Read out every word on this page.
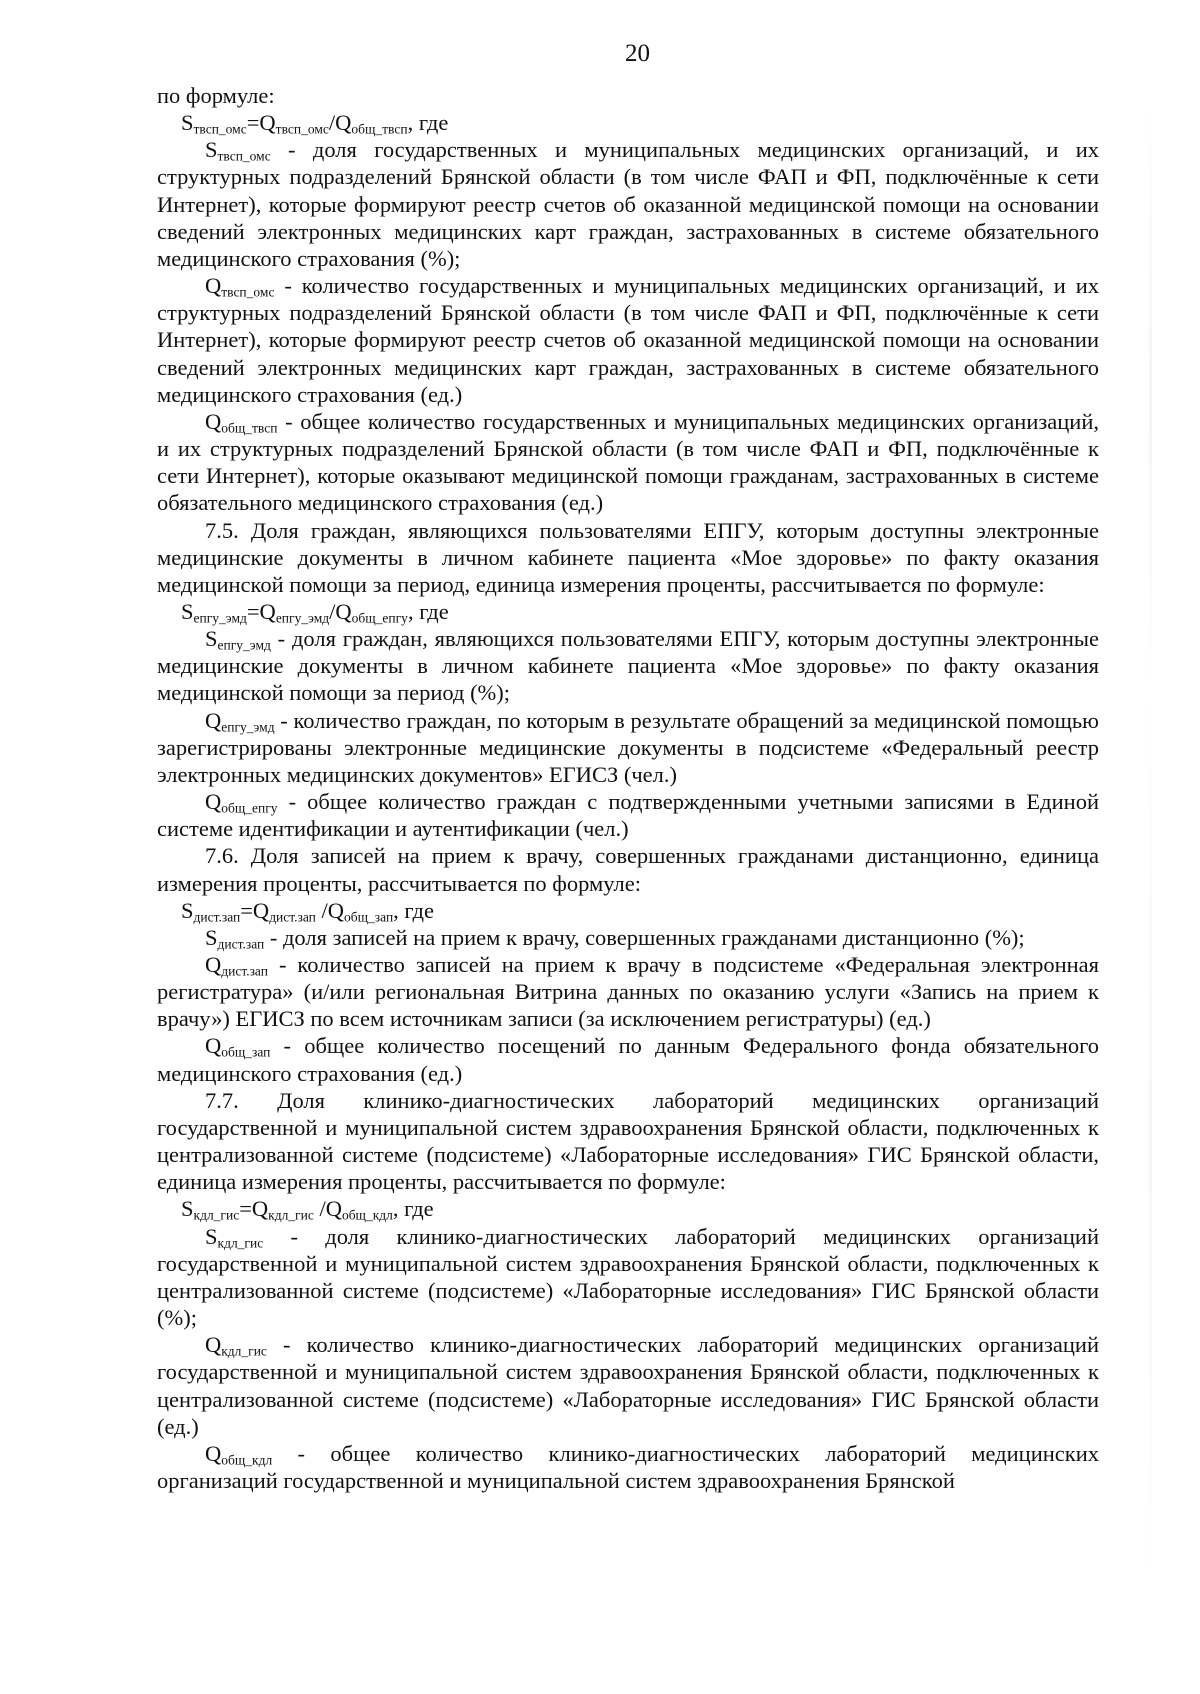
20

по формуле:

$S_{твсп\_омс}=Q_{твсп\_омс}/Q_{общ\_твсп}$, где

$S_{твсп\_омс}$ - доля государственных и муниципальных медицинских организаций, и их структурных подразделений Брянской области (в том числе ФАП и ФП, подключённые к сети Интернет), которые формируют реестр счетов об оказанной медицинской помощи на основании сведений электронных медицинских карт граждан, застрахованных в системе обязательного медицинского страхования (%);

$Q_{твсп\_омс}$ - количество государственных и муниципальных медицинских организаций, и их структурных подразделений Брянской области (в том числе ФАП и ФП, подключённые к сети Интернет), которые формируют реестр счетов об оказанной медицинской помощи на основании сведений электронных медицинских карт граждан, застрахованных в системе обязательного медицинского страхования (ед.)

$Q_{общ\_твсп}$ - общее количество государственных и муниципальных медицинских организаций, и их структурных подразделений Брянской области (в том числе ФАП и ФП, подключённые к сети Интернет), которые оказывают медицинской помощи гражданам, застрахованных в системе обязательного медицинского страхования (ед.)

7.5. Доля граждан, являющихся пользователями ЕПГУ, которым доступны электронные медицинские документы в личном кабинете пациента «Мое здоровье» по факту оказания медицинской помощи за период, единица измерения проценты, рассчитывается по формуле:

$S_{епгу\_эмд}=Q_{епгу\_эмд}/Q_{общ\_епгу}$, где

$S_{епгу\_эмд}$ - доля граждан, являющихся пользователями ЕПГУ, которым доступны электронные медицинские документы в личном кабинете пациента «Мое здоровье» по факту оказания медицинской помощи за период (%);

$Q_{епгу\_эмд}$ - количество граждан, по которым в результате обращений за медицинской помощью зарегистрированы электронные медицинские документы в подсистеме «Федеральный реестр электронных медицинских документов» ЕГИСЗ (чел.)

$Q_{общ\_епгу}$ - общее количество граждан с подтвержденными учетными записями в Единой системе идентификации и аутентификации (чел.)

7.6. Доля записей на прием к врачу, совершенных гражданами дистанционно, единица измерения проценты, рассчитывается по формуле:

$S_{дист.зап}=Q_{дист.зап}$ $/Q_{общ\_зап}$, где

$S_{дист.зап}$ - доля записей на прием к врачу, совершенных гражданами дистанционно (%);

$Q_{дист.зап}$ - количество записей на прием к врачу в подсистеме «Федеральная электронная регистратура» (и/или региональная Витрина данных по оказанию услуги «Запись на прием к врачу») ЕГИСЗ по всем источникам записи (за исключением регистратуры) (ед.)

$Q_{общ\_зап}$ - общее количество посещений по данным Федерального фонда обязательного медицинского страхования (ед.)

7.7. Доля клинико-диагностических лабораторий медицинских организаций государственной и муниципальной систем здравоохранения Брянской области, подключенных к централизованной системе (подсистеме) «Лабораторные исследования» ГИС Брянской области, единица измерения проценты, рассчитывается по формуле:

$S_{кдл\_гис}=Q_{кдл\_гис}$ $/Q_{общ\_кдл}$, где

$S_{кдл\_гис}$ - доля клинико-диагностических лабораторий медицинских организаций государственной и муниципальной систем здравоохранения Брянской области, подключенных к централизованной системе (подсистеме) «Лабораторные исследования» ГИС Брянской области (%);

$Q_{кдл\_гис}$ - количество клинико-диагностических лабораторий медицинских организаций государственной и муниципальной систем здравоохранения Брянской области, подключенных к централизованной системе (подсистеме) «Лабораторные исследования» ГИС Брянской области (ед.)

$Q_{общ\_кдл}$ - общее количество клинико-диагностических лабораторий медицинских организаций государственной и муниципальной систем здравоохранения Брянской
